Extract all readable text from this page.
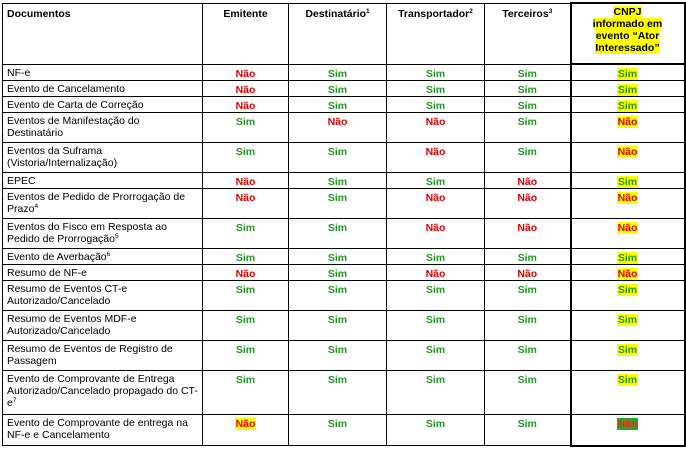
Documentos	Emitente	Destinatário$^1$	Transportador$^2$	Terceiros$^3$	CNPJ
informado em
evento “Ator
Interessado”
NF-e	Não	Sim	Sim	Sim	Sim
Evento de Cancelamento	Não	Sim	Sim	Sim	Sim
Evento de Carta de Correção	Não	Sim	Sim	Sim	Sim
Eventos de Manifestação do Destinatário	Sim	Não	Não	Sim	Não
Eventos da Suframa (Vistoria/Internalização)	Sim	Sim	Não	Sim	Não
EPEC	Não	Sim	Sim	Não	Sim
Eventos de Pedido de Prorrogação de Prazo$^4$	Não	Sim	Não	Não	Não
Eventos do Fisco em Resposta ao Pedido de Prorrogação$^5$	Sim	Sim	Não	Não	Não
Evento de Averbação$^6$	Sim	Sim	Sim	Sim	Sim
Resumo de NF-e	Não	Sim	Não	Não	Não
Resumo de Eventos CT-e Autorizado/Cancelado	Sim	Sim	Sim	Sim	Sim
Resumo de Eventos MDF-e Autorizado/Cancelado	Sim	Sim	Sim	Sim	Sim
Resumo de Eventos de Registro de Passagem	Sim	Sim	Sim	Sim	Sim
Evento de Comprovante de Entrega Autorizado/Cancelado propagado do $CT-e^7$	Sim	Sim	Sim	Sim	Sim
Evento de Comprovante de entrega na NF-e e Cancelamento	Não	Sim	Sim	Sim	Não
